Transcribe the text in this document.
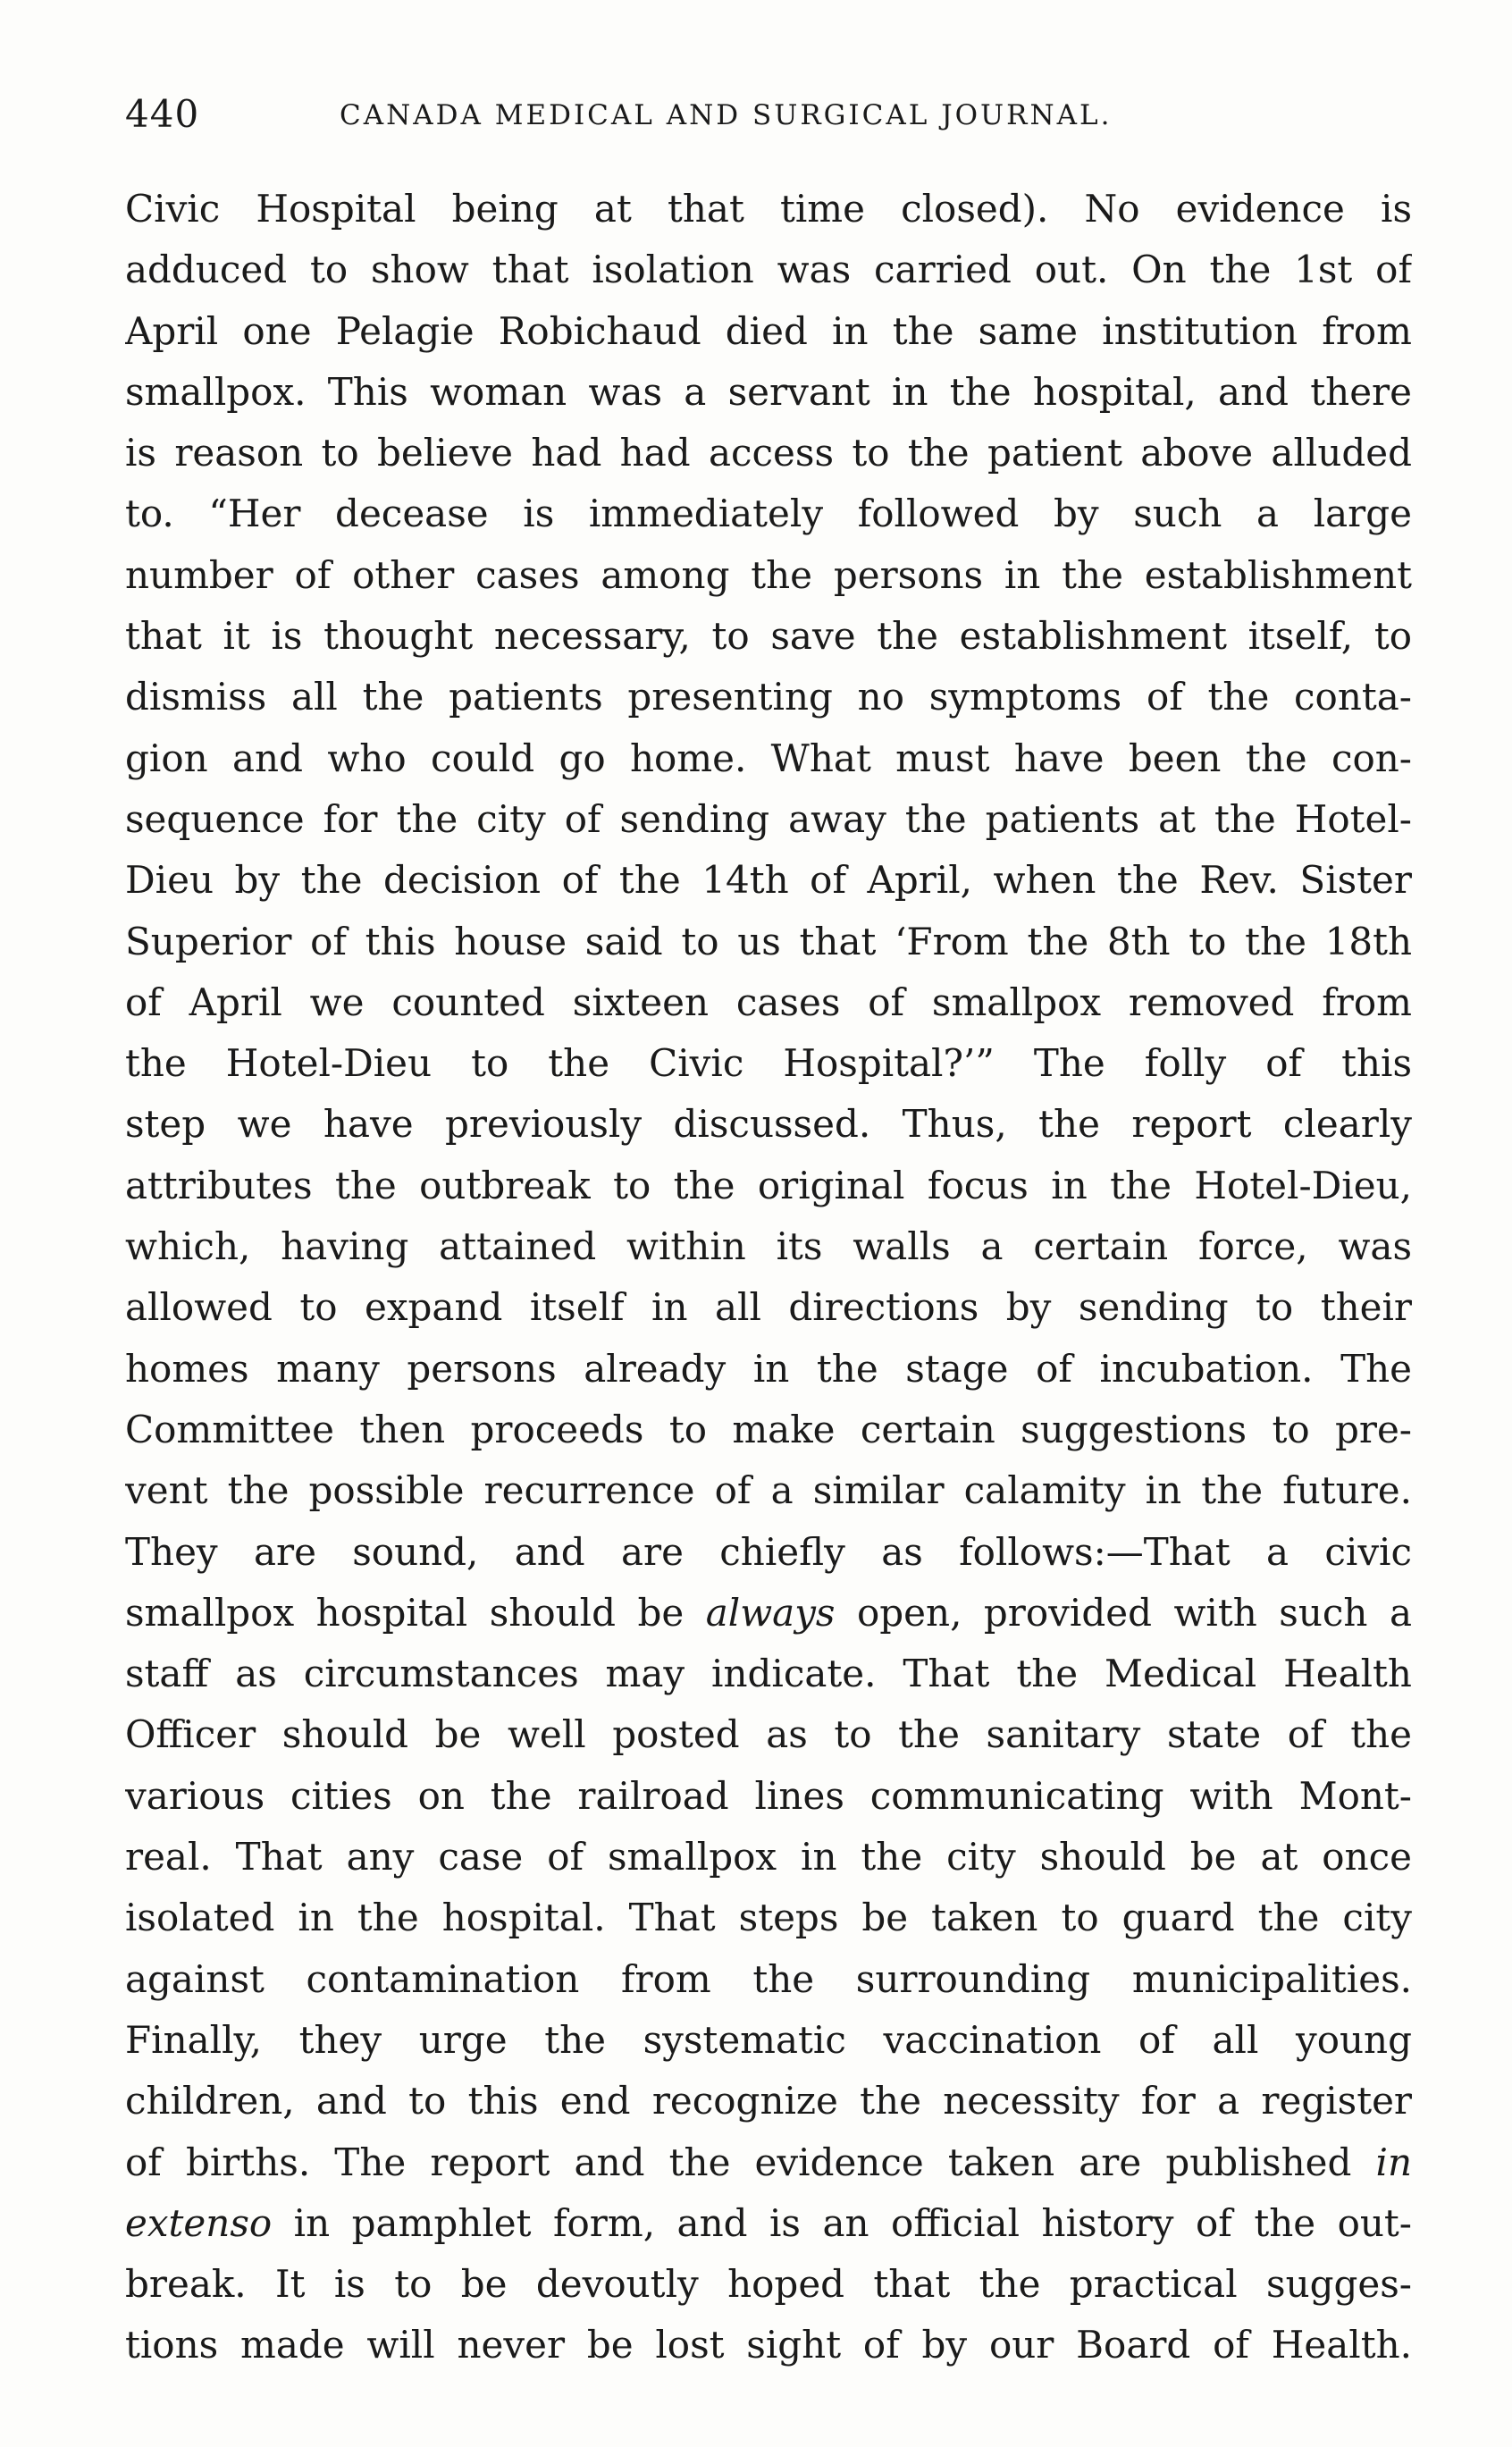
440	CANADA MEDICAL AND SURGICAL JOURNAL.
Civic Hospital being at that time closed). No evidence is
adduced to show that isolation was carried out. On the 1st of
April one Pelagie Robichaud died in the same institution from
smallpox. This woman was a servant in the hospital, and there
is reason to believe had had access to the patient above alluded
to. “Her decease is immediately followed by such a large
number of other cases among the persons in the establishment
that it is thought necessary, to save the establishment itself, to
dismiss all the patients presenting no symptoms of the conta-
gion and who could go home. What must have been the con-
sequence for the city of sending away the patients at the Hotel-
Dieu by the decision of the 14th of April, when the Rev. Sister
Superior of this house said to us that ‘From the 8th to the 18th
of April we counted sixteen cases of smallpox removed from
the Hotel-Dieu to the Civic Hospital?’” The folly of this
step we have previously discussed. Thus, the report clearly
attributes the outbreak to the original focus in the Hotel-Dieu,
which, having attained within its walls a certain force, was
allowed to expand itself in all directions by sending to their
homes many persons already in the stage of incubation. The
Committee then proceeds to make certain suggestions to pre-
vent the possible recurrence of a similar calamity in the future.
They are sound, and are chiefly as follows:—That a civic
smallpox hospital should be always open, provided with such a
staff as circumstances may indicate. That the Medical Health
Officer should be well posted as to the sanitary state of the
various cities on the railroad lines communicating with Mont-
real. That any case of smallpox in the city should be at once
isolated in the hospital. That steps be taken to guard the city
against contamination from the surrounding municipalities.
Finally, they urge the systematic vaccination of all young
children, and to this end recognize the necessity for a register
of births. The report and the evidence taken are published in
extenso in pamphlet form, and is an official history of the out-
break. It is to be devoutly hoped that the practical sugges-
tions made will never be lost sight of by our Board of Health.
